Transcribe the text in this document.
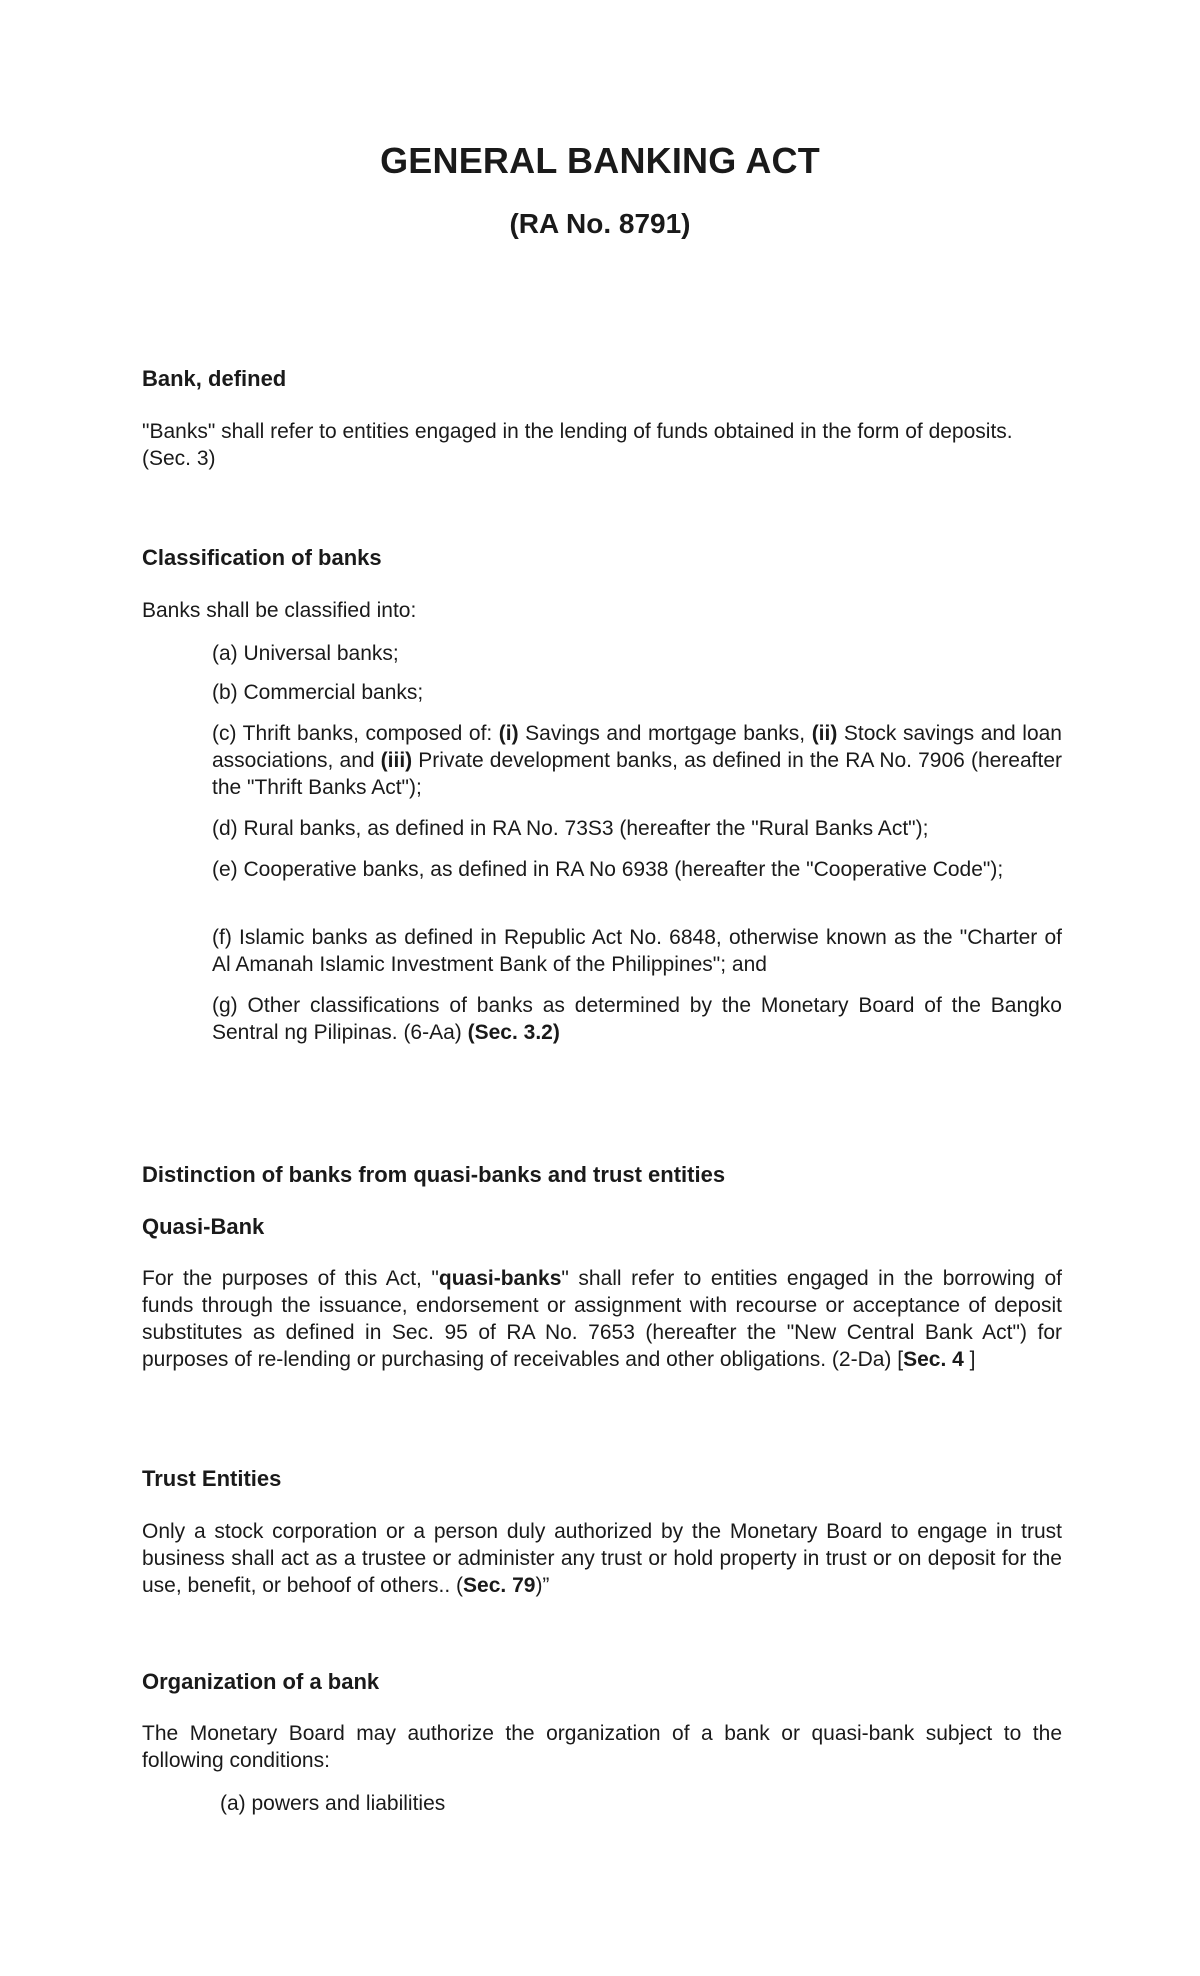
GENERAL BANKING ACT
(RA No. 8791)
Bank, defined

"Banks" shall refer to entities engaged in the lending of funds obtained in the form of deposits. (Sec. 3)

Classification of banks

Banks shall be classified into:

(a) Universal banks;

(b) Commercial banks;

(c) Thrift banks, composed of: (i) Savings and mortgage banks, (ii) Stock savings and loan associations, and (iii) Private development banks, as defined in the RA No. 7906 (hereafter the "Thrift Banks Act");

(d) Rural banks, as defined in RA No. 73S3 (hereafter the "Rural Banks Act");

(e) Cooperative banks, as defined in RA No 6938 (hereafter the "Cooperative Code");

(f) Islamic banks as defined in Republic Act No. 6848, otherwise known as the "Charter of Al Amanah Islamic Investment Bank of the Philippines"; and

(g) Other classifications of banks as determined by the Monetary Board of the Bangko Sentral ng Pilipinas. (6-Aa) (Sec. 3.2)

Distinction of banks from quasi-banks and trust entities
Quasi-Bank

For the purposes of this Act, "quasi-banks" shall refer to entities engaged in the borrowing of funds through the issuance, endorsement or assignment with recourse or acceptance of deposit substitutes as defined in Sec. 95 of RA No. 7653 (hereafter the "New Central Bank Act") for purposes of re-lending or purchasing of receivables and other obligations. (2-Da) [Sec. 4 ]

Trust Entities

Only a stock corporation or a person duly authorized by the Monetary Board to engage in trust business shall act as a trustee or administer any trust or hold property in trust or on deposit for the use, benefit, or behoof of others.. (Sec. 79)”

Organization of a bank

The Monetary Board may authorize the organization of a bank or quasi-bank subject to the following conditions:

(a) powers and liabilities
